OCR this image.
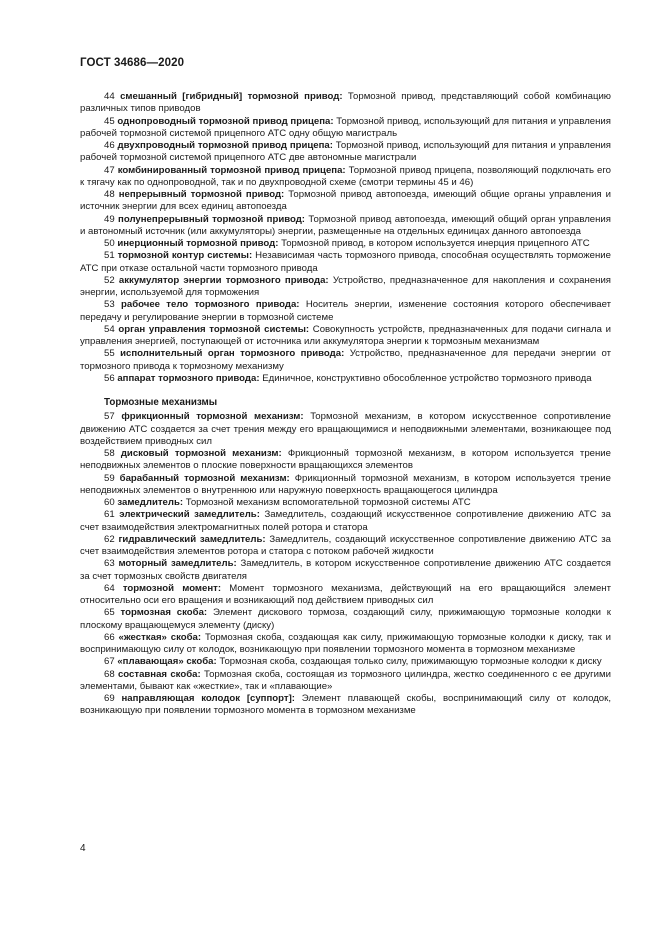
ГОСТ 34686—2020

44 смешанный [гибридный] тормозной привод: Тормозной привод, представляющий собой комбинацию различных типов приводов

45 однопроводный тормозной привод прицепа: Тормозной привод, использующий для питания и управления рабочей тормозной системой прицепного АТС одну общую магистраль

46 двухпроводный тормозной привод прицепа: Тормозной привод, использующий для питания и управления рабочей тормозной системой прицепного АТС две автономные магистрали

47 комбинированный тормозной привод прицепа: Тормозной привод прицепа, позволяющий подключать его к тягачу как по однопроводной, так и по двухпроводной схеме (смотри термины 45 и 46)

48 непрерывный тормозной привод: Тормозной привод автопоезда, имеющий общие органы управления и источник энергии для всех единиц автопоезда

49 полунепрерывный тормозной привод: Тормозной привод автопоезда, имеющий общий орган управления и автономный источник (или аккумуляторы) энергии, размещенные на отдельных единицах данного автопоезда

50 инерционный тормозной привод: Тормозной привод, в котором используется инерция прицепного АТС

51 тормозной контур системы: Независимая часть тормозного привода, способная осуществлять торможение АТС при отказе остальной части тормозного привода

52 аккумулятор энергии тормозного привода: Устройство, предназначенное для накопления и сохранения энергии, используемой для торможения

53 рабочее тело тормозного привода: Носитель энергии, изменение состояния которого обеспечивает передачу и регулирование энергии в тормозной системе

54 орган управления тормозной системы: Совокупность устройств, предназначенных для подачи сигнала и управления энергией, поступающей от источника или аккумулятора энергии к тормозным механизмам

55 исполнительный орган тормозного привода: Устройство, предназначенное для передачи энергии от тормозного привода к тормозному механизму

56 аппарат тормозного привода: Единичное, конструктивно обособленное устройство тормозного привода

Тормозные механизмы

57 фрикционный тормозной механизм: Тормозной механизм, в котором искусственное сопротивление движению АТС создается за счет трения между его вращающимися и неподвижными элементами, возникающее под воздействием приводных сил

58 дисковый тормозной механизм: Фрикционный тормозной механизм, в котором используется трение неподвижных элементов о плоские поверхности вращающихся элементов

59 барабанный тормозной механизм: Фрикционный тормозной механизм, в котором используется трение неподвижных элементов о внутреннюю или наружную поверхность вращающегося цилиндра

60 замедлитель: Тормозной механизм вспомогательной тормозной системы АТС

61 электрический замедлитель: Замедлитель, создающий искусственное сопротивление движению АТС за счет взаимодействия электромагнитных полей ротора и статора

62 гидравлический замедлитель: Замедлитель, создающий искусственное сопротивление движению АТС за счет взаимодействия элементов ротора и статора с потоком рабочей жидкости

63 моторный замедлитель: Замедлитель, в котором искусственное сопротивление движению АТС создается за счет тормозных свойств двигателя

64 тормозной момент: Момент тормозного механизма, действующий на его вращающийся элемент относительно оси его вращения и возникающий под действием приводных сил

65 тормозная скоба: Элемент дискового тормоза, создающий силу, прижимающую тормозные колодки к плоскому вращающемуся элементу (диску)

66 «жесткая» скоба: Тормозная скоба, создающая как силу, прижимающую тормозные колодки к диску, так и воспринимающую силу от колодок, возникающую при появлении тормозного момента в тормозном механизме

67 «плавающая» скоба: Тормозная скоба, создающая только силу, прижимающую тормозные колодки к диску

68 составная скоба: Тормозная скоба, состоящая из тормозного цилиндра, жестко соединенного с ее другими элементами, бывают как «жесткие», так и «плавающие»

69 направляющая колодок [суппорт]: Элемент плавающей скобы, воспринимающий силу от колодок, возникающую при появлении тормозного момента в тормозном механизме

4
